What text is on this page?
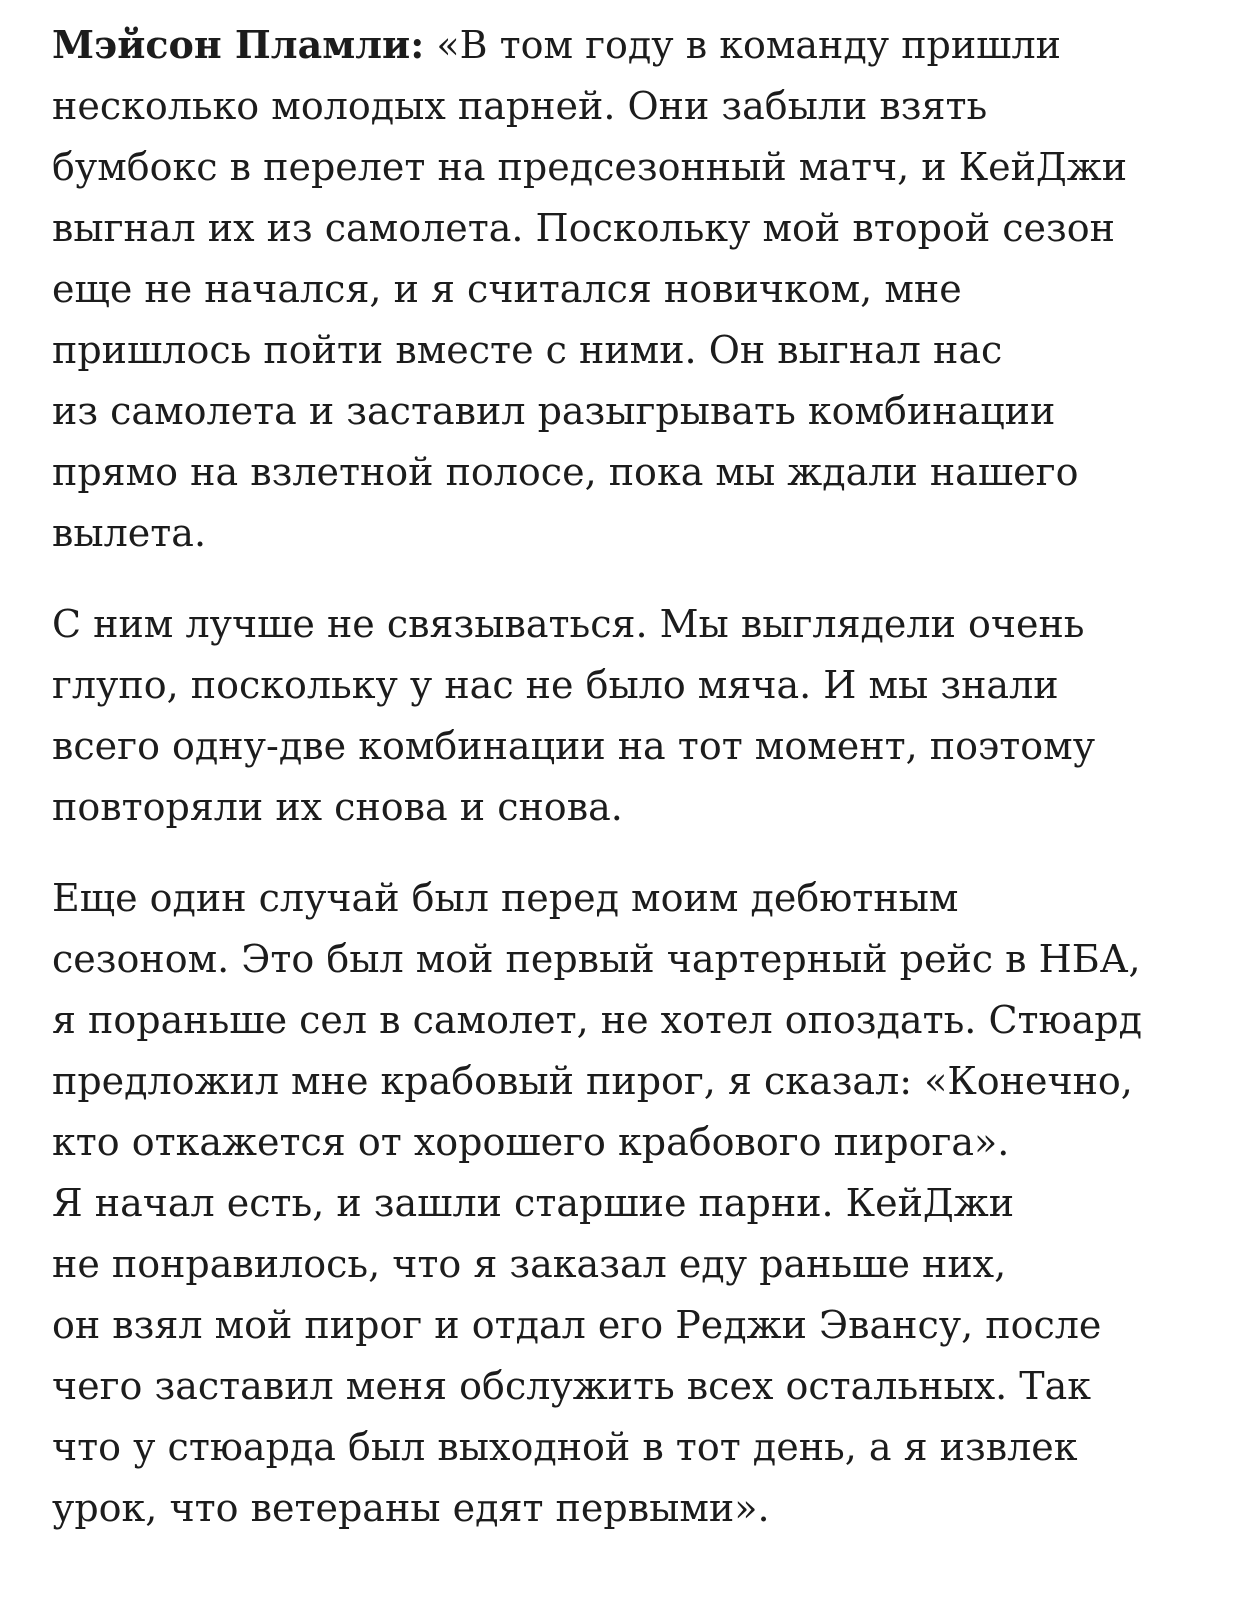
Мэйсон Пламли: «В том году в команду пришли
несколько молодых парней. Они забыли взять
бумбокс в перелет на предсезонный матч, и КейДжи
выгнал их из самолета. Поскольку мой второй сезон
еще не начался, и я считался новичком, мне
пришлось пойти вместе с ними. Он выгнал нас
из самолета и заставил разыгрывать комбинации
прямо на взлетной полосе, пока мы ждали нашего
вылета.

С ним лучше не связываться. Мы выглядели очень
глупо, поскольку у нас не было мяча. И мы знали
всего одну-две комбинации на тот момент, поэтому
повторяли их снова и снова.

Еще один случай был перед моим дебютным
сезоном. Это был мой первый чартерный рейс в НБА,
я пораньше сел в самолет, не хотел опоздать. Стюард
предложил мне крабовый пирог, я сказал: «Конечно,
кто откажется от хорошего крабового пирога».
Я начал есть, и зашли старшие парни. КейДжи
не понравилось, что я заказал еду раньше них,
он взял мой пирог и отдал его Реджи Эвансу, после
чего заставил меня обслужить всех остальных. Так
что у стюарда был выходной в тот день, а я извлек
урок, что ветераны едят первыми».
